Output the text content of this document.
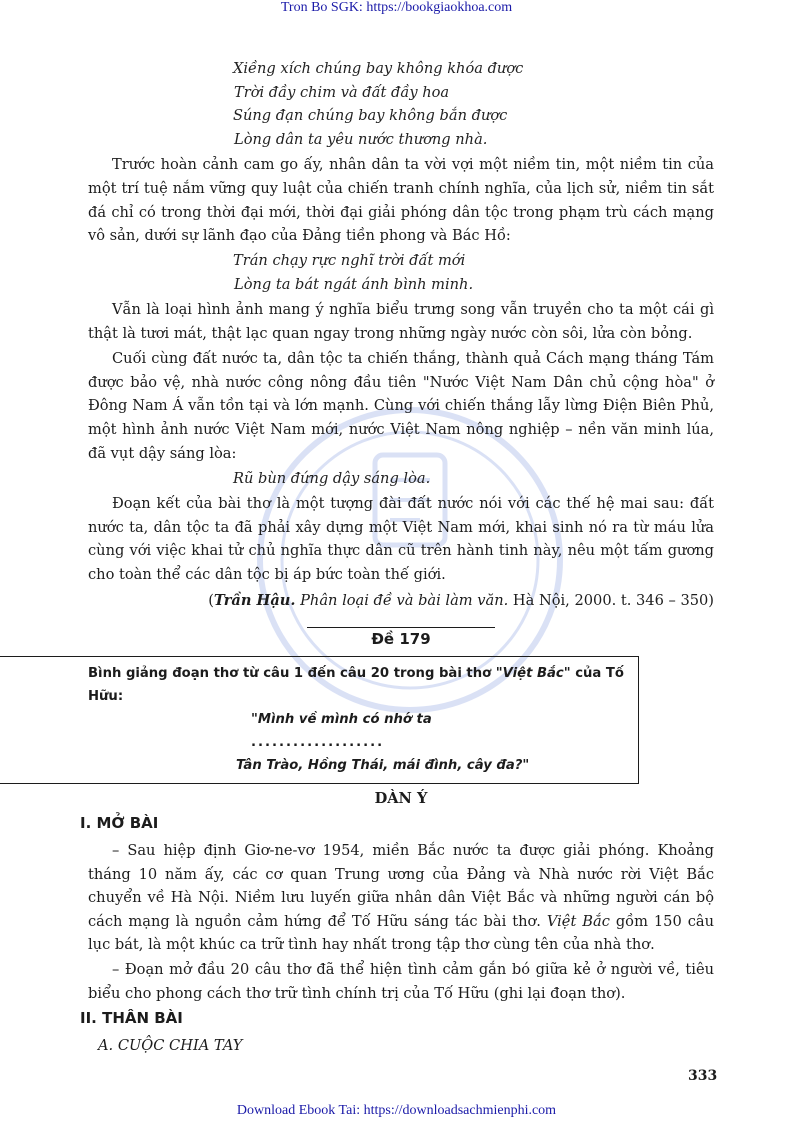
Tron Bo SGK: https://bookgiaokhoa.com
Xiềng xích chúng bay không khóa được
Trời đầy chim và đất đầy hoa
Súng đạn chúng bay không bắn được
Lòng dân ta yêu nước thương nhà.

Trước hoàn cảnh cam go ấy, nhân dân ta vời vợi một niềm tin, một niềm tin của một trí tuệ nắm vững quy luật của chiến tranh chính nghĩa, của lịch sử, niềm tin sắt đá chỉ có trong thời đại mới, thời đại giải phóng dân tộc trong phạm trù cách mạng vô sản, dưới sự lãnh đạo của Đảng tiền phong và Bác Hồ:

Trán chạy rực nghĩ trời đất mới
Lòng ta bát ngát ánh bình minh.

Vẫn là loại hình ảnh mang ý nghĩa biểu trưng song vẫn truyền cho ta một cái gì thật là tươi mát, thật lạc quan ngay trong những ngày nước còn sôi, lửa còn bỏng.

Cuối cùng đất nước ta, dân tộc ta chiến thắng, thành quả Cách mạng tháng Tám được bảo vệ, nhà nước công nông đầu tiên "Nước Việt Nam Dân chủ cộng hòa" ở Đông Nam Á vẫn tồn tại và lớn mạnh. Cùng với chiến thắng lẫy lừng Điện Biên Phủ, một hình ảnh nước Việt Nam mới, nước Việt Nam nông nghiệp – nền văn minh lúa, đã vụt dậy sáng lòa:

Rũ bùn đứng dậy sáng lòa.

Đoạn kết của bài thơ là một tượng đài đất nước nói với các thế hệ mai sau: đất nước ta, dân tộc ta đã phải xây dựng một Việt Nam mới, khai sinh nó ra từ máu lửa cùng với việc khai tử chủ nghĩa thực dân cũ trên hành tinh này, nêu một tấm gương cho toàn thể các dân tộc bị áp bức toàn thế giới.

(Trần Hậu. Phân loại đề và bài làm văn. Hà Nội, 2000. t. 346 – 350)
Đề 179
Bình giảng đoạn thơ từ câu 1 đến câu 20 trong bài thơ "Việt Bắc" của Tố Hữu:
"Mình về mình có nhớ ta
...................
Tân Trào, Hồng Thái, mái đình, cây đa?"
DÀN Ý
I. MỞ BÀI

– Sau hiệp định Giơ-ne-vơ 1954, miền Bắc nước ta được giải phóng. Khoảng tháng 10 năm ấy, các cơ quan Trung ương của Đảng và Nhà nước rời Việt Bắc chuyển về Hà Nội. Niềm lưu luyến giữa nhân dân Việt Bắc và những người cán bộ cách mạng là nguồn cảm hứng để Tố Hữu sáng tác bài thơ. Việt Bắc gồm 150 câu lục bát, là một khúc ca trữ tình hay nhất trong tập thơ cùng tên của nhà thơ.

– Đoạn mở đầu 20 câu thơ đã thể hiện tình cảm gắn bó giữa kẻ ở người về, tiêu biểu cho phong cách thơ trữ tình chính trị của Tố Hữu (ghi lại đoạn thơ).

II. THÂN BÀI
A. CUỘC CHIA TAY
333
Download Ebook Tai: https://downloadsachmienphi.com
